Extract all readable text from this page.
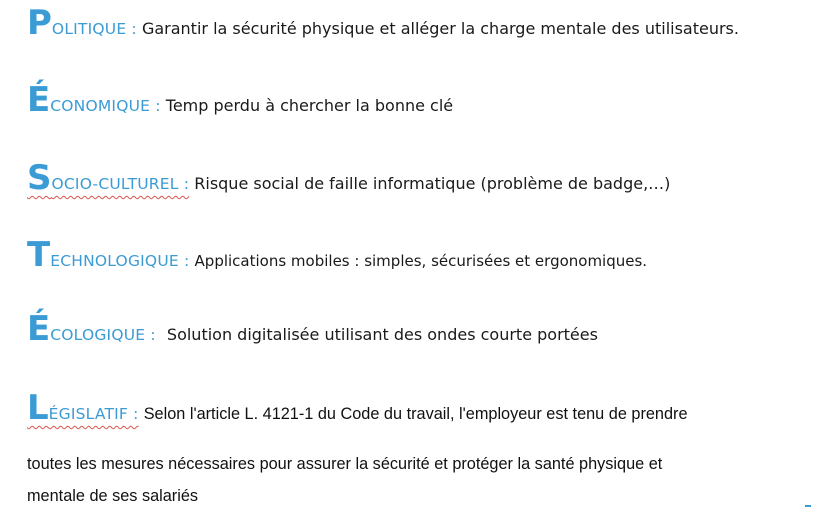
POLITIQUE : Garantir la sécurité physique et alléger la charge mentale des utilisateurs.
ÉCONOMIQUE : Temp perdu à chercher la bonne clé
SOCIO-CULTUREL : Risque social de faille informatique (problème de badge,…)
TECHNOLOGIQUE : Applications mobiles : simples, sécurisées et ergonomiques.
ÉCOLOGIQUE : Solution digitalisée utilisant des ondes courte portées
LÉGISLATIF : Selon l'article L. 4121-1 du Code du travail, l'employeur est tenu de prendre
toutes les mesures nécessaires pour assurer la sécurité et protéger la santé physique et
mentale de ses salariés
